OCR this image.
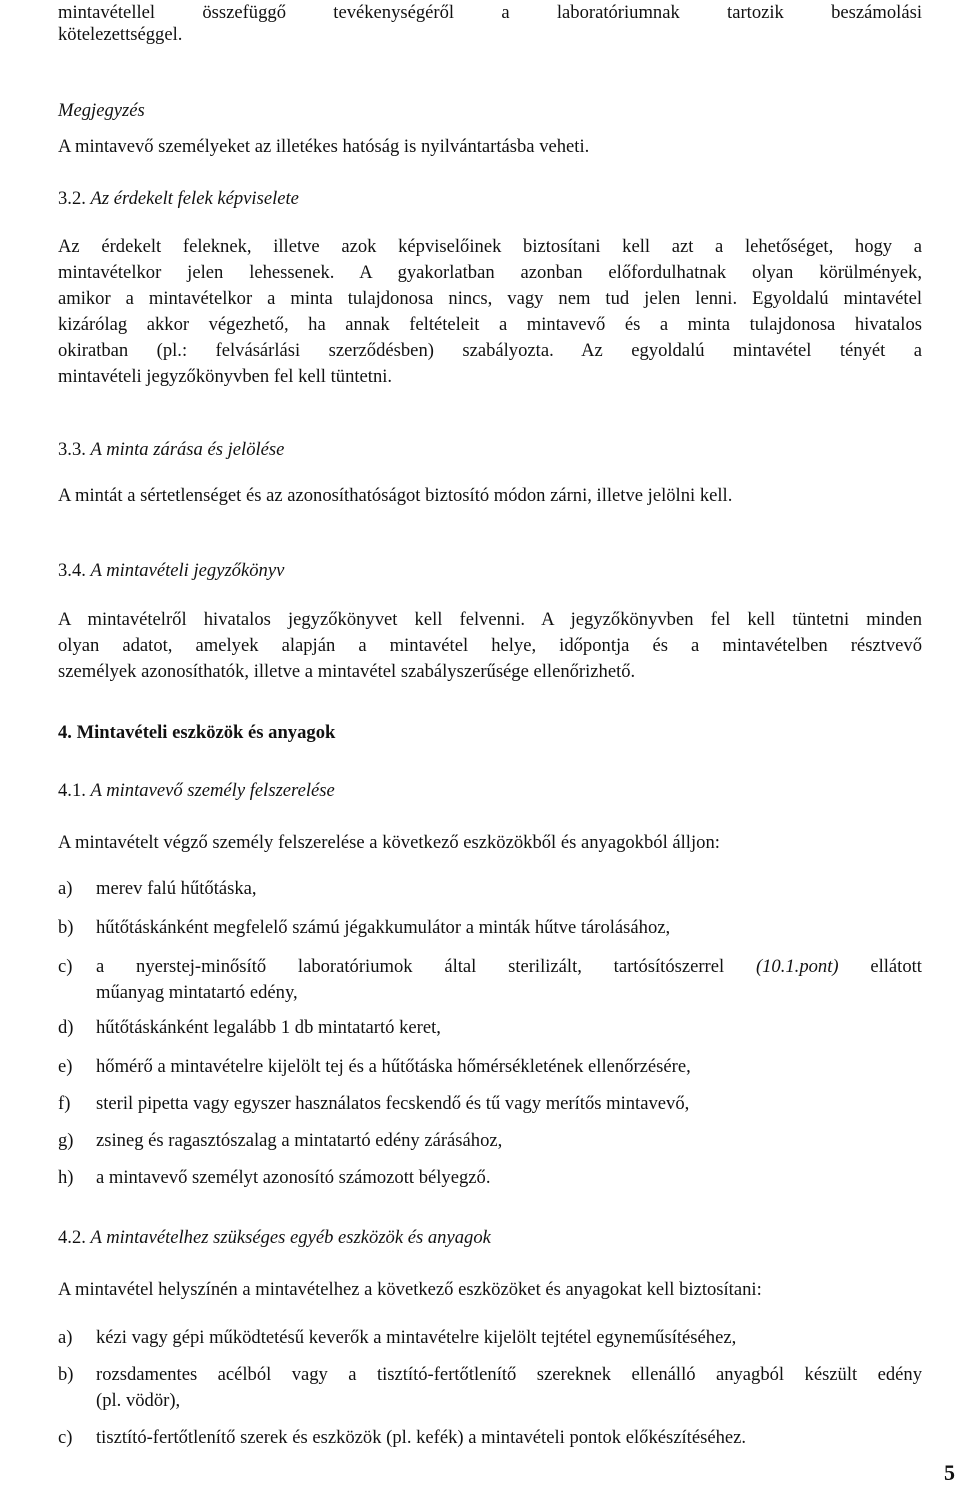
mintavétellel összefüggő tevékenységéről a laboratóriumnak tartozik beszámolási

kötelezettséggel.

Megjegyzés

A mintavevő személyeket az illetékes hatóság is nyilvántartásba veheti.

3.2. Az érdekelt felek képviselete

Az érdekelt feleknek, illetve azok képviselőinek biztosítani kell azt a lehetőséget, hogy a

mintavételkor jelen lehessenek. A gyakorlatban azonban előfordulhatnak olyan körülmények,

amikor a mintavételkor a minta tulajdonosa nincs, vagy nem tud jelen lenni. Egyoldalú mintavétel

kizárólag akkor végezhető, ha annak feltételeit a mintavevő és a minta tulajdonosa hivatalos

okiratban (pl.: felvásárlási szerződésben) szabályozta. Az egyoldalú mintavétel tényét a

mintavételi jegyzőkönyvben fel kell tüntetni.

3.3. A minta zárása és jelölése

A mintát a sértetlenséget és az azonosíthatóságot biztosító módon zárni, illetve jelölni kell.

3.4. A mintavételi jegyzőkönyv

A mintavételről hivatalos jegyzőkönyvet kell felvenni. A jegyzőkönyvben fel kell tüntetni minden

olyan adatot, amelyek alapján a mintavétel helye, időpontja és a mintavételben résztvevő

személyek azonosíthatók, illetve a mintavétel szabályszerűsége ellenőrizhető.

4. Mintavételi eszközök és anyagok

4.1. A mintavevő személy felszerelése

A mintavételt végző személy felszerelése a következő eszközökből és anyagokból álljon:

a)	merev falú hűtőtáska,
b)	hűtőtáskánként megfelelő számú jégakkumulátor a minták hűtve tárolásához,
c)	a nyerstej-minősítő laboratóriumok által sterilizált, tartósítószerrel (10.1.pont) ellátott
műanyag mintatartó edény,
d)	hűtőtáskánként legalább 1 db mintatartó keret,
e)	hőmérő a mintavételre kijelölt tej és a hűtőtáska hőmérsékletének ellenőrzésére,
f)	steril pipetta vagy egyszer használatos fecskendő és tű vagy merítős mintavevő,
g)	zsineg és ragasztószalag a mintatartó edény zárásához,
h)	a mintavevő személyt azonosító számozott bélyegző.

4.2. A mintavételhez szükséges egyéb eszközök és anyagok

A mintavétel helyszínén a mintavételhez a következő eszközöket és anyagokat kell biztosítani:

a)	kézi vagy gépi működtetésű keverők a mintavételre kijelölt tejtétel egyneműsítéséhez,
b)	rozsdamentes acélból vagy a tisztító-fertőtlenítő szereknek ellenálló anyagból készült edény
(pl. vödör),
c)	tisztító-fertőtlenítő szerek és eszközök (pl. kefék) a mintavételi pontok előkészítéséhez.
5
